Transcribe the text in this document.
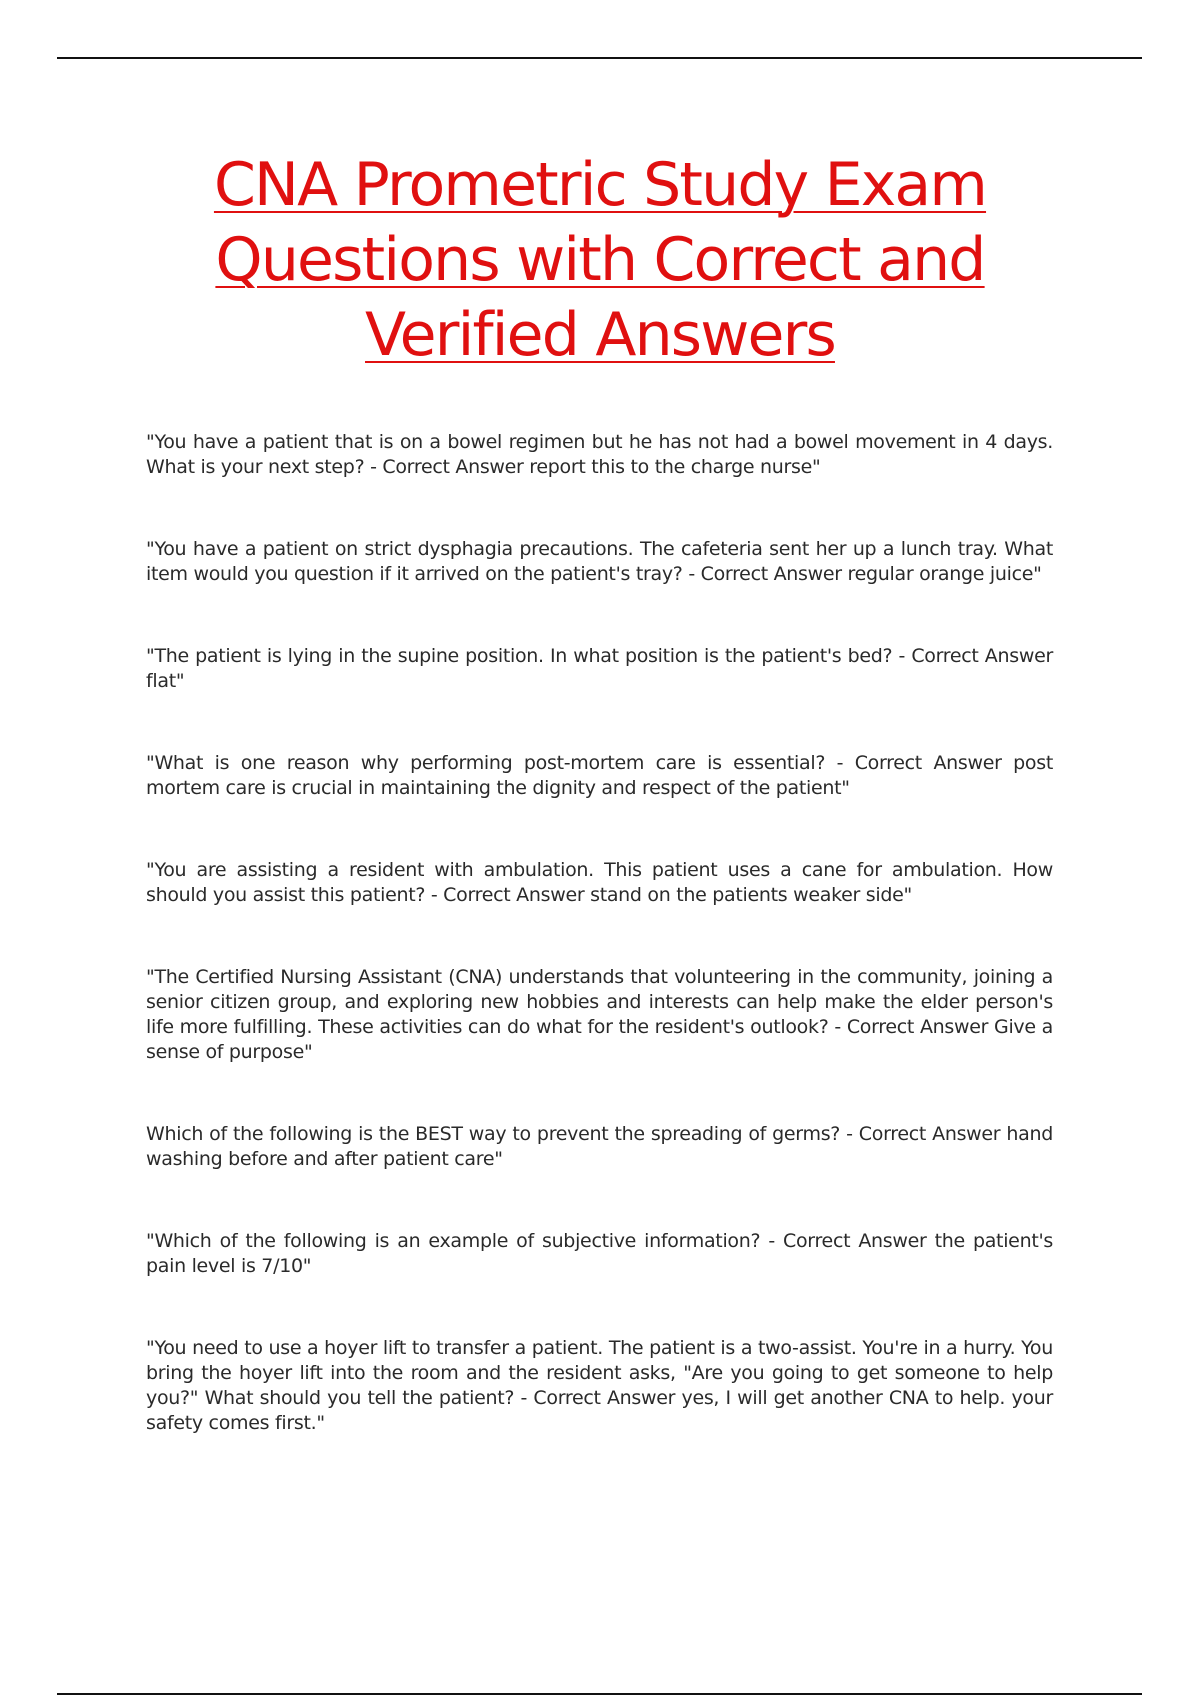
CNA Prometric Study Exam Questions with Correct and Verified Answers

"You have a patient that is on a bowel regimen but he has not had a bowel movement in 4 days. What is your next step? - Correct Answer report this to the charge nurse"

"You have a patient on strict dysphagia precautions. The cafeteria sent her up a lunch tray. What item would you question if it arrived on the patient's tray? - Correct Answer regular orange juice"

"The patient is lying in the supine position. In what position is the patient's bed? - Correct Answer flat"

"What is one reason why performing post-mortem care is essential? - Correct Answer post mortem care is crucial in maintaining the dignity and respect of the patient"

"You are assisting a resident with ambulation. This patient uses a cane for ambulation. How should you assist this patient? - Correct Answer stand on the patients weaker side"

"The Certified Nursing Assistant (CNA) understands that volunteering in the community, joining a senior citizen group, and exploring new hobbies and interests can help make the elder person's life more fulfilling. These activities can do what for the resident's outlook? - Correct Answer Give a sense of purpose"

Which of the following is the BEST way to prevent the spreading of germs? - Correct Answer hand washing before and after patient care"

"Which of the following is an example of subjective information? - Correct Answer the patient's pain level is 7/10"

"You need to use a hoyer lift to transfer a patient. The patient is a two-assist. You're in a hurry. You bring the hoyer lift into the room and the resident asks, "Are you going to get someone to help you?" What should you tell the patient? - Correct Answer yes, I will get another CNA to help. your safety comes first."
